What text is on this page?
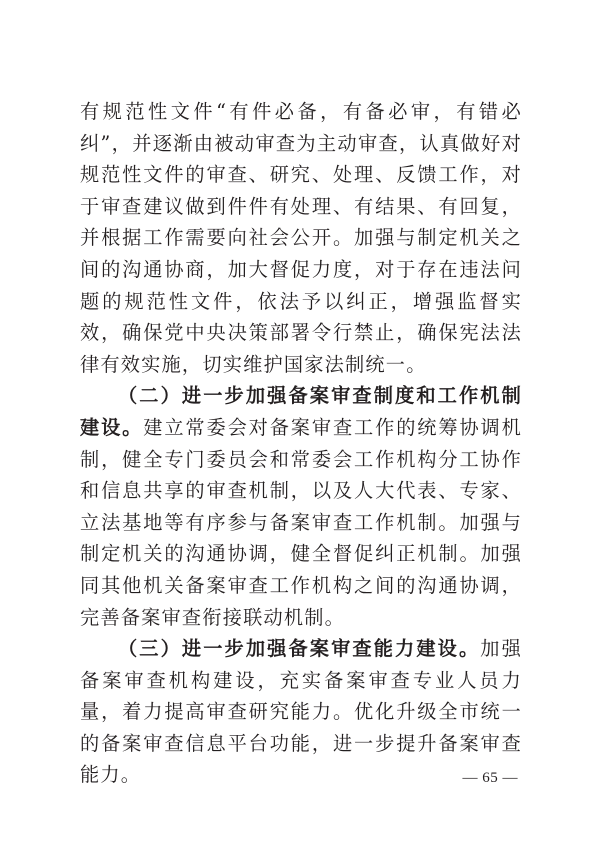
有规范性文件“有件必备，有备必审，有错必纠”，并逐渐由被动审查为主动审查，认真做好对规范性文件的审查、研究、处理、反馈工作，对于审查建议做到件件有处理、有结果、有回复，并根据工作需要向社会公开。加强与制定机关之间的沟通协商，加大督促力度，对于存在违法问题的规范性文件，依法予以纠正，增强监督实效，确保党中央决策部署令行禁止，确保宪法法律有效实施，切实维护国家法制统一。

（二）进一步加强备案审查制度和工作机制建设。建立常委会对备案审查工作的统筹协调机制，健全专门委员会和常委会工作机构分工协作和信息共享的审查机制，以及人大代表、专家、立法基地等有序参与备案审查工作机制。加强与制定机关的沟通协调，健全督促纠正机制。加强同其他机关备案审查工作机构之间的沟通协调，完善备案审查衔接联动机制。

（三）进一步加强备案审查能力建设。加强备案审查机构建设，充实备案审查专业人员力量，着力提高审查研究能力。优化升级全市统一的备案审查信息平台功能，进一步提升备案审查能力。	— 65 —
